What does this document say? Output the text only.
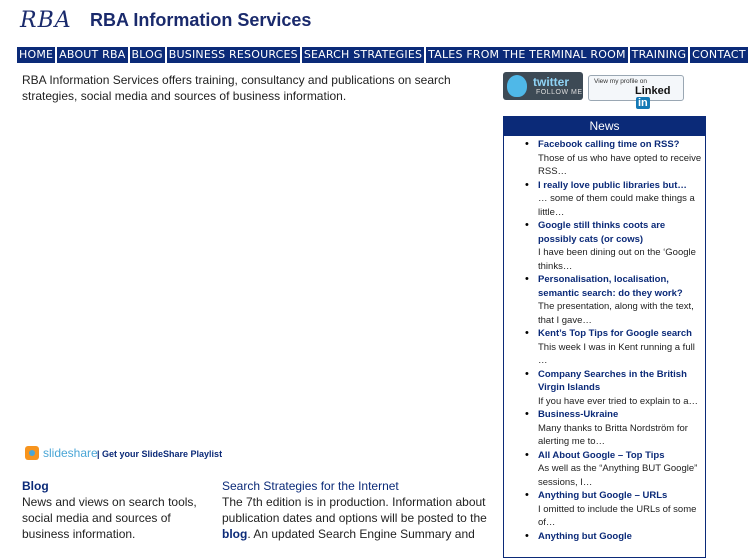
RBA RBA Information Services
HOME ABOUT RBA BLOG BUSINESS RESOURCES SEARCH STRATEGIES TALES FROM THE TERMINAL ROOM TRAINING CONTACT

RBA Information Services offers training, consultancy and publications on search strategies, social media and sources of business information.

twitter
FOLLOW ME
View my profile on
Linkedin
News
• Facebook calling time on RSS?
Those of us who have opted to receive RSS…
• I really love public libraries but…
… some of them could make things a little…
• Google still thinks coots are possibly cats (or cows)
I have been dining out on the ‘Google thinks…
• Personalisation, localisation, semantic search: do they work?
The presentation, along with the text, that I gave…
• Kent’s Top Tips for Google search
This week I was in Kent running a full …
• Company Searches in the British Virgin Islands
If you have ever tried to explain to a…
• Business-Ukraine
Many thanks to Britta Nordström for alerting me to…
• All About Google – Top Tips
As well as the “Anything BUT Google” sessions, I…
• Anything but Google – URLs
I omitted to include the URLs of some of…
• Anything but Google
slideshare | Get your SlideShare Playlist
Blog

News and views on search tools, social media and sources of business information.

Search Strategies for the Internet

The 7th edition is in production. Information about publication dates and options will be posted to the blog. An updated Search Engine Summary and
